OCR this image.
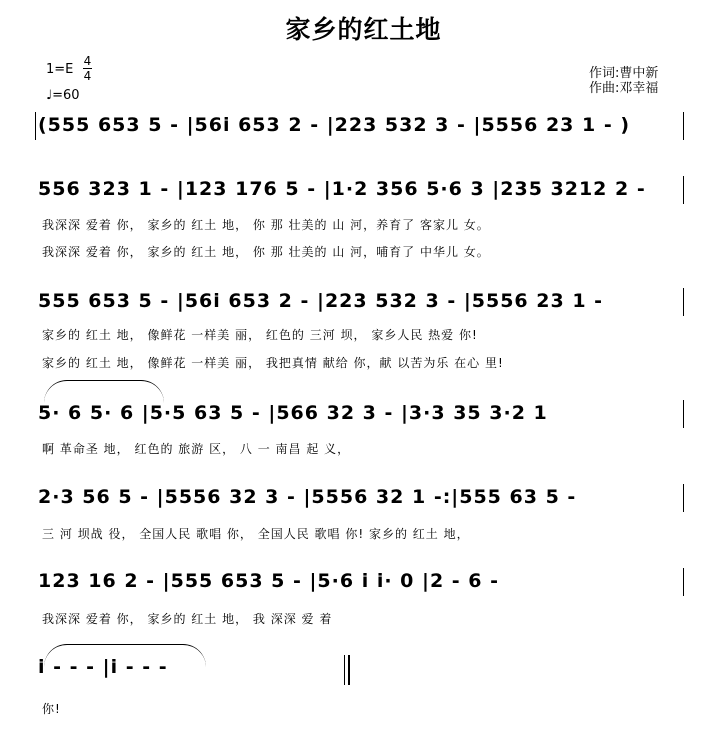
家乡的红土地
1=E
4
4
♩=60
作词:曹中新
作曲:邓幸福
(555 653 5 - |56i 653 2 - |223 532 3 - |5556 23 1 - )
556 323 1 - |123 176 5 - |1·2 356 5·6 3 |235 3212 2 -
我深深 爱着 你， 家乡的 红土 地， 你 那 壮美的 山 河，养育了 客家儿 女。
我深深 爱着 你， 家乡的 红土 地， 你 那 壮美的 山 河，哺育了 中华儿 女。
555 653 5 - |56i 653 2 - |223 532 3 - |5556 23 1 -
家乡的 红土 地， 像鲜花 一样美 丽， 红色的 三河 坝， 家乡人民 热爱 你!
家乡的 红土 地， 像鲜花 一样美 丽， 我把真情 献给 你，献 以苦为乐 在心 里!
5· 6 5· 6 |5·5 63 5 - |566 32 3 - |3·3 35 3·2 1
啊 革命圣 地， 红色的 旅游 区， 八 一 南昌 起 义，
2·3 56 5 - |5556 32 3 - |5556 32 1 -:|555 63 5 -
三 河 坝战 役， 全国人民 歌唱 你， 全国人民 歌唱 你! 家乡的 红土 地，
123 16 2 - |555 653 5 - |5·6 i i· 0 |2 - 6 -
我深深 爱着 你， 家乡的 红土 地， 我 深深 爱 着
i - - - |i - - -
你!
